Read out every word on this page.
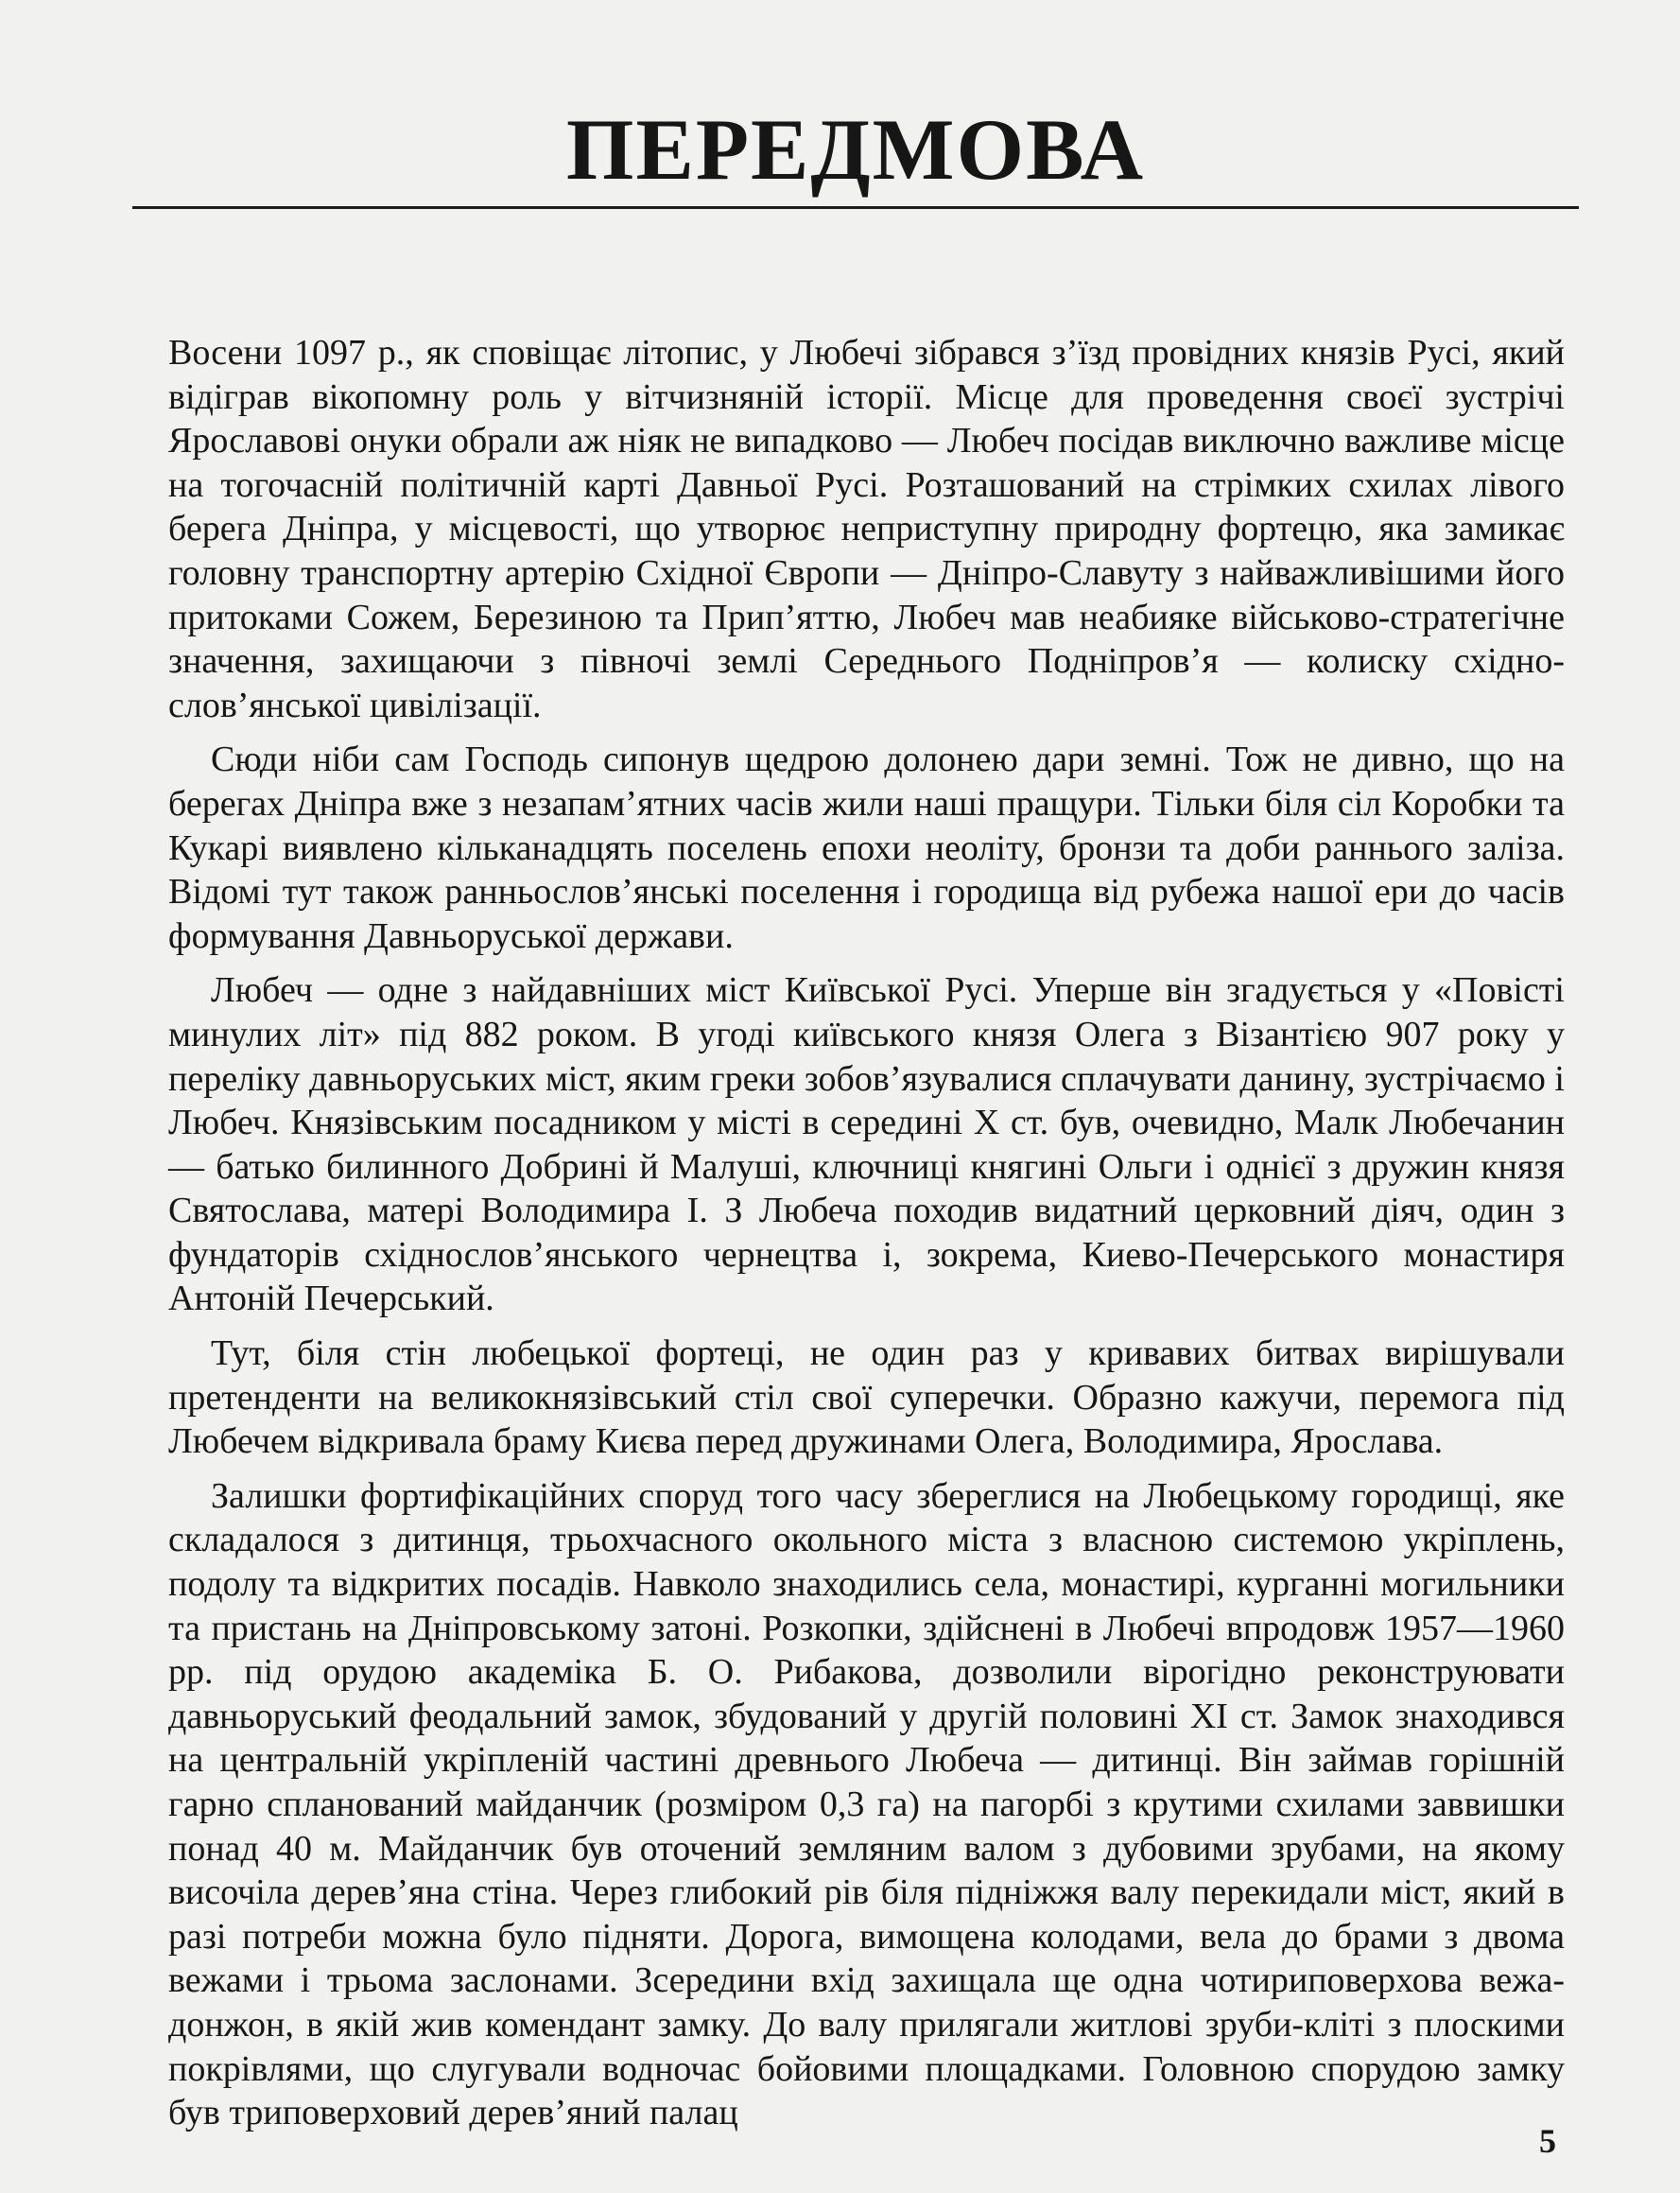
ПЕРЕДМОВА

Восени 1097 р., як сповіщає літопис, у Любечі зібрався з’їзд провідних князів Русі, який відіграв вікопомну роль у вітчизняній історії. Місце для проведення своєї зустрічі Ярославові онуки обрали аж ніяк не випадково — Любеч посідав виключно важливе місце на тогочасній політичній карті Давньої Русі. Розташований на стрімких схилах лівого берега Дніпра, у місцевості, що утворює неприступну природну фортецю, яка замикає головну транспортну артерію Східної Європи — Дніпро-Славуту з найважливішими його притоками Сожем, Березиною та Прип’яттю, Любеч мав неабияке військово-стратегічне значення, захищаючи з півночі землі Середнього Подніпров’я — колиску східно-слов’янської цивілізації.

Сюди ніби сам Господь сипонув щедрою долонею дари земні. Тож не дивно, що на берегах Дніпра вже з незапам’ятних часів жили наші пращури. Тільки біля сіл Коробки та Кукарі виявлено кільканадцять поселень епохи неоліту, бронзи та доби раннього заліза. Відомі тут також ранньослов’янські поселення і городища від рубежа нашої ери до часів формування Давньоруської держави.

Любеч — одне з найдавніших міст Київської Русі. Уперше він згадується у «Повісті минулих літ» під 882 роком. В угоді київського князя Олега з Візантією 907 року у переліку давньоруських міст, яким греки зобов’язувалися сплачувати данину, зустрічаємо і Любеч. Князівським посадником у місті в середині Х ст. був, очевидно, Малк Любечанин — батько билинного Добрині й Малуші, ключниці княгині Ольги і однієї з дружин князя Святослава, матері Володимира І. З Любеча походив видатний церковний діяч, один з фундаторів східнослов’янського чернецтва і, зокрема, Киево-Печерського монастиря Антоній Печерський.

Тут, біля стін любецької фортеці, не один раз у кривавих битвах вирішували претенденти на великокнязівський стіл свої суперечки. Образно кажучи, перемога під Любечем відкривала браму Києва перед дружинами Олега, Володимира, Ярослава.

Залишки фортифікаційних споруд того часу збереглися на Любецькому городищі, яке складалося з дитинця, трьохчасного окольного міста з власною системою укріплень, подолу та відкритих посадів. Навколо знаходились села, монастирі, курганні могильники та пристань на Дніпровському затоні. Розкопки, здійснені в Любечі впродовж 1957—1960 рр. під орудою академіка Б. О. Рибакова, дозволили вірогідно реконструювати давньоруський феодальний замок, збудований у другій половині ХІ ст. Замок знаходився на центральній укріпленій частині древнього Любеча — дитинці. Він займав горішній гарно спланований майданчик (розміром 0,3 га) на пагорбі з крутими схилами заввишки понад 40 м. Майданчик був оточений земляним валом з дубовими зрубами, на якому височіла дерев’яна стіна. Через глибокий рів біля підніжжя валу перекидали міст, який в разі потреби можна було підняти. Дорога, вимощена колодами, вела до брами з двома вежами і трьома заслонами. Зсередини вхід захищала ще одна чотириповерхова вежа-донжон, в якій жив комендант замку. До валу прилягали житлові зруби-кліті з плоскими покрівлями, що слугували водночас бойовими площадками. Головною спорудою замку був триповерховий дерев’яний палац

5
